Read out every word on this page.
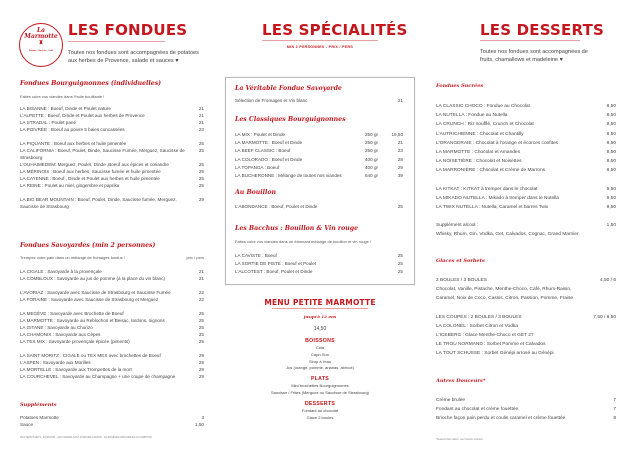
La
Marmotte
♜
Fondue · Raclette · Grill
LES FONDUES
Toutes nos fondues sont accompagnées de potatoes aux herbes de Provence, salade et sauces ♥
Fondues Bourguignonnes (individuelles)
Faites cuire vos viandes dans l'huile bouillante !
LA BISANNE : Boeuf, Dinde et Poulet nature	21
L'ALPETTE : Boeuf, Dinde et Poulet aux herbes de Provence	21
LA STRADAL : Poulet pané	21
LA POIVRÉE : Boeuf au poivre 5 baies concassées	23
LA PIQUANTE : Boeuf aux herbes et huile pimentée	25
LA CALIFORNIA : Boeuf, Poulet, Dinde, Saucisse Fumée, Merguez, Saucisse de Strasbourg
25
L'OUHAIMEDEM: Merguez, Poulet, Dinde ,Boeuf aux épices et coriandre	25
LA MÉRINOIS : Boeuf aux herbes, Saucisse fumée et huile pimentée	25
LA CAYENNE : Boeuf , Dinde et Poulet aux herbes et huile pimentée	25
LA REINE : Poulet au miel, gingembre et paprika	25
LA BIG BEAR MOUNTAIN : Boeuf, Poulet, Dinde, Saucisse fumée, Merguez, Saucisse de Strasbourg
29
Fondues Savoyardes (min 2 personnes)
Trempez votre pain dans un mélange de fromages fondus !	prix / pers
LA CIGALE : Savoyarde à la provençale	21
LA COMBLOUX : Savoyarde au jus de pomme (à la place du vin blanc)	21
L'AVORIAZ : Savoyarde avec Saucisse de Strasbourg et Saucisse Fumée	22
LA FORAINE : Savoyarde avec Saucisse de Strasbourg et Merguez	22
LA MEGÈVE : Savoyarde avec Brochette de Boeuf	25
LA MARMOTTE : Savoyarde au Reblochon et Beisac, lardons, oignons	25
LA GITANE : Savoyarde au Chorizo	25
LA CHAMONIX : Savoyarde aux Cèpes	25
LA TEX MIX : Savoyarde provençale épicée (piments)	25
LA SAINT MORITZ : CIGALE ou TEX MEX avec brochettes de Boeuf	29
L'ASPEN : Savoyarde aux Morilles	29
LA MORTELLE : Savoyarde aux Trompettes de la mort	29
LA COURCHEVEL : Savoyarde au Champagne + une coupe de champagne	29
Suppléments
Potatoes Marmotte	3
Sauce	1,50
PRIX SERVIS NETS · EN EUROS · LES VIANDES SONT D'ORIGINE FRANCE · ALLERGÈNES DISPONIBLES AU COMPTOIR
LES SPÉCIALITÉS
MIN 2 PERSONNES - PRIX / PERS
La Véritable Fondue Savoyarde
Sélection de Fromages et Vin blanc	21
Les Classiques Bourguignonnes
LA MIX : Poulet et Dinde	250 gr	19,50
LA MARMOTTE : Boeuf et Dinde	250 gr	21
LA BEEF CLASSIC : Boeuf	250 gr	23
LA COLORADO : Boeuf et Dinde	400 gr	28
LA TOPANGA : Boeuf	400 gr	29
LA BUCHERONNE : Mélange de toutes nos viandes	640 gr	39
Au Bouillon
L'ABONDANCE : Boeuf, Poulet et Dinde	25
Les Bacchus : Bouillon & Vin rouge
Faites cuire vos viandes dans un étonnant mélange de bouillon et vin rouge !
LA CAVISTE : Boeuf	25
LA SORTIE DE PISTE : Boeuf et Poulet	25
L'ALCOTEST : Boeuf, Poulet et Dinde	25
MENU PETITE MARMOTTE
jusqu'à 12 ans
14,50
BOISSONS
Cola
Capri-Sun
Sirop à l'eau
Jus (orange, pomme, ananas, abricot)
PLATS
Mini brochettes Bourguignonnes
Saucisse / Frites (Merguez ou Saucisse de Strasbourg)
DESSERTS
Fondant au chocolat
Glace 2 boules
LES DESSERTS
Toutes nos fondues sont accompagnées de fruits, chamallows et madeleine ♥
Fondues Sucrées
LA CLASSIC CHOCO : Fondue au Chocolat	8,50
LA NUTELLA : Fondue au Nutella	8,50
LA CRUNCH : Riz soufflé, Crunch et Chocolat	8,50
L'AUTRICHIENNE : Chocolat et Chantilly	8,50
L'ORANGERAIE : Chocolat à l'orange et écorces confites	8,50
LA MARMOTTE : Chocolat et Amandes	8,50
LA NOISETIÈRE : Chocolat et Noisettes	8,50
LA MARRONIÈRE : Chocolat et Crème de Marrons	8,50
LA KITKAT : KITKAT à tremper dans le chocolat	9,50
LA MIKADO NUTELLA : Mikado à tremper dans le Nutella	9,50
LA TWIX NUTELLA : Nutella, Caramel et barres Twix	9,50
Supplément alcool :	1,50
Whisky, Rhum, Gin, Vodka, Get, Calvados, Cognac, Grand Marnier
Glaces et Sorbets
2 BOULES / 3 BOULES	4,50 / 6
Chocolat, Vanille, Pistache, Menthe-Choco, Café, Rhum-Raisin,
Caramel, Noix de Coco, Cassis, Citron, Passion, Pomme, Fraise
LES COUPES : 2 BOULES / 3 BOULES	7,50 / 8,50
LA COLONEL : Sorbet Citron et Vodka
L'ICEBERG : Glace Menthe-Choco et GET 27
LE TROU NORMAND : Sorbet Pomme et Calvados
LA TOUT SCHUSSE : Sorbet Génépi arrosé au Génépi
Autres Douceurs*
Crème brulée	7
Fondant au chocolat et crème fouettée	7
Brioche façon pain perdu et coulis caramel et crème fouettée	8
*Desserts faits maison, sauf mention contraire
